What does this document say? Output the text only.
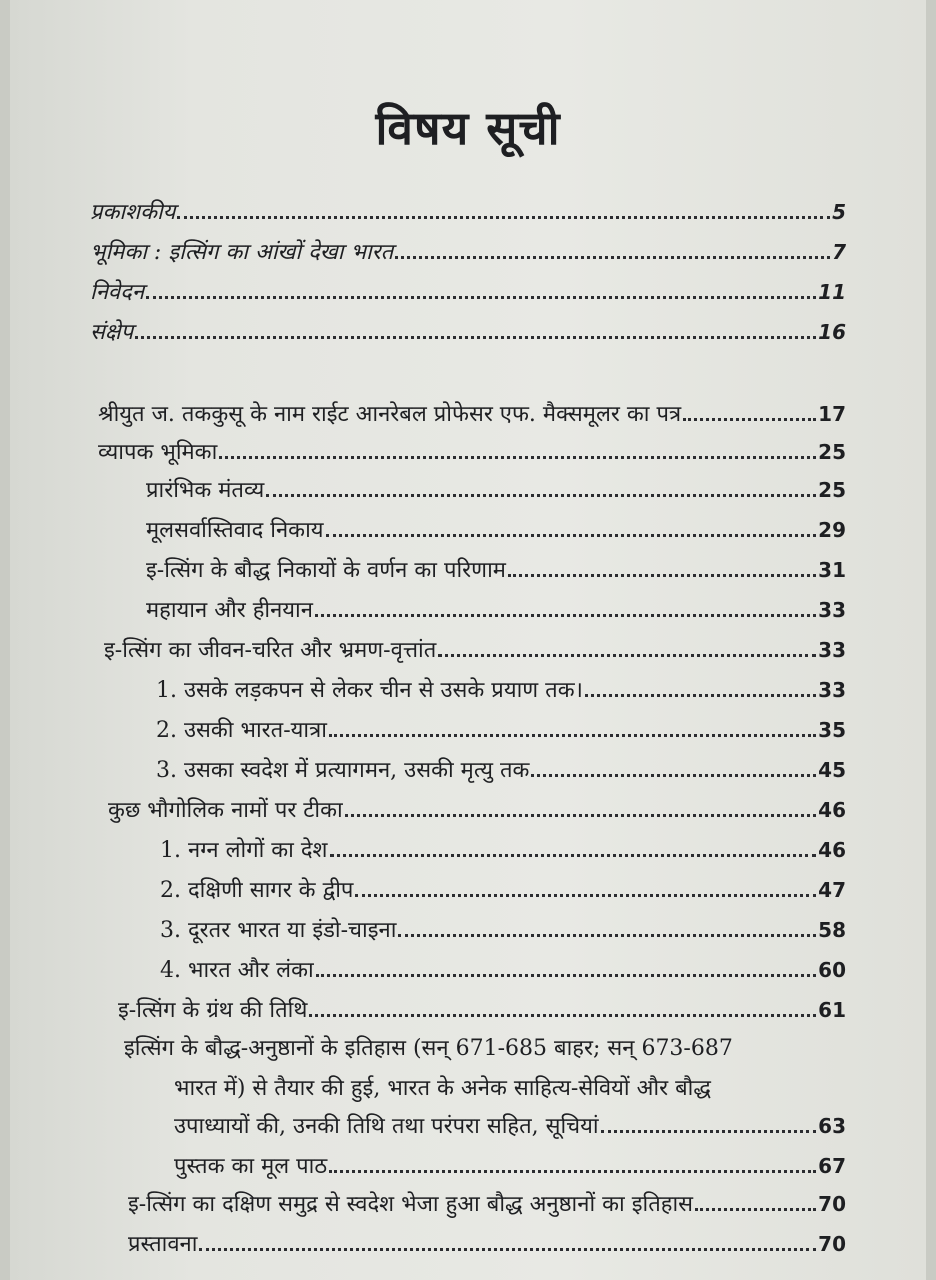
विषय सूची
प्रकाशकीय	5
भूमिका : इत्सिंग का आंखों देखा भारत	7
निवेदन	11
संक्षेप	16
श्रीयुत ज. तककुसू के नाम राईट आनरेबल प्रोफेसर एफ. मैक्समूलर का पत्र	17
व्यापक भूमिका	25
प्रारंभिक मंतव्य	25
मूलसर्वास्तिवाद निकाय	29
इ-त्सिंग के बौद्ध निकायों के वर्णन का परिणाम	31
महायान और हीनयान	33
इ-त्सिंग का जीवन-चरित और भ्रमण-वृत्तांत	33
1. उसके लड़कपन से लेकर चीन से उसके प्रयाण तक।	33
2. उसकी भारत-यात्रा	35
3. उसका स्वदेश में प्रत्यागमन, उसकी मृत्यु तक	45
कुछ भौगोलिक नामों पर टीका	46
1. नग्न लोगों का देश	46
2. दक्षिणी सागर के द्वीप	47
3. दूरतर भारत या इंडो-चाइना	58
4. भारत और लंका	60
इ-त्सिंग के ग्रंथ की तिथि	61
इत्सिंग के बौद्ध-अनुष्ठानों के इतिहास (सन् 671-685 बाहर; सन् 673-687
भारत में) से तैयार की हुई, भारत के अनेक साहित्य-सेवियों और बौद्ध
उपाध्यायों की, उनकी तिथि तथा परंपरा सहित, सूचियां	63
पुस्तक का मूल पाठ	67
इ-त्सिंग का दक्षिण समुद्र से स्वदेश भेजा हुआ बौद्ध अनुष्ठानों का इतिहास	70
प्रस्तावना	70
